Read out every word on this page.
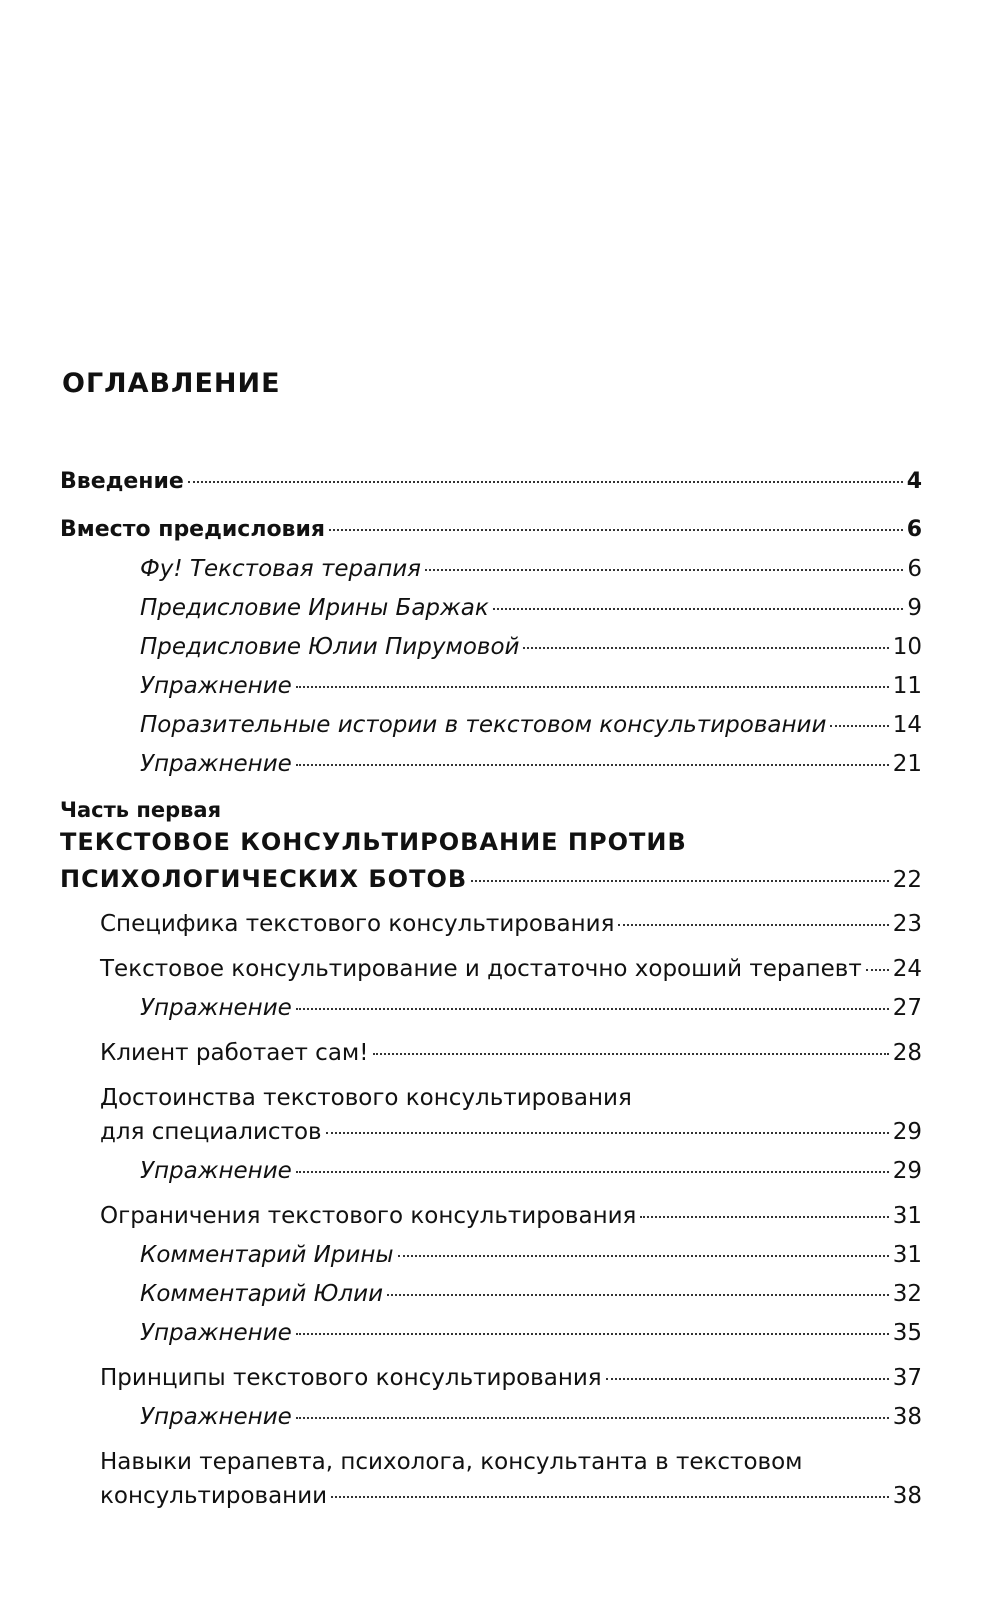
ОГЛАВЛЕНИЕ
Введение	4
Вместо предисловия	6
Фу! Текстовая терапия	6
Предисловие Ирины Баржак	9
Предисловие Юлии Пирумовой	10
Упражнение	11
Поразительные истории в текстовом консультировании	14
Упражнение	21
Часть первая
ТЕКСТОВОЕ КОНСУЛЬТИРОВАНИЕ ПРОТИВ
ПСИХОЛОГИЧЕСКИХ БОТОВ	22
Специфика текстового консультирования	23
Текстовое консультирование и достаточно хороший терапевт 24
Упражнение	27
Клиент работает сам!	28
Достоинства текстового консультирования
для специалистов	29
Упражнение	29
Ограничения текстового консультирования	31
Комментарий Ирины	31
Комментарий Юлии	32
Упражнение	35
Принципы текстового консультирования	37
Упражнение	38
Навыки терапевта, психолога, консультанта в текстовом
консультировании	38
